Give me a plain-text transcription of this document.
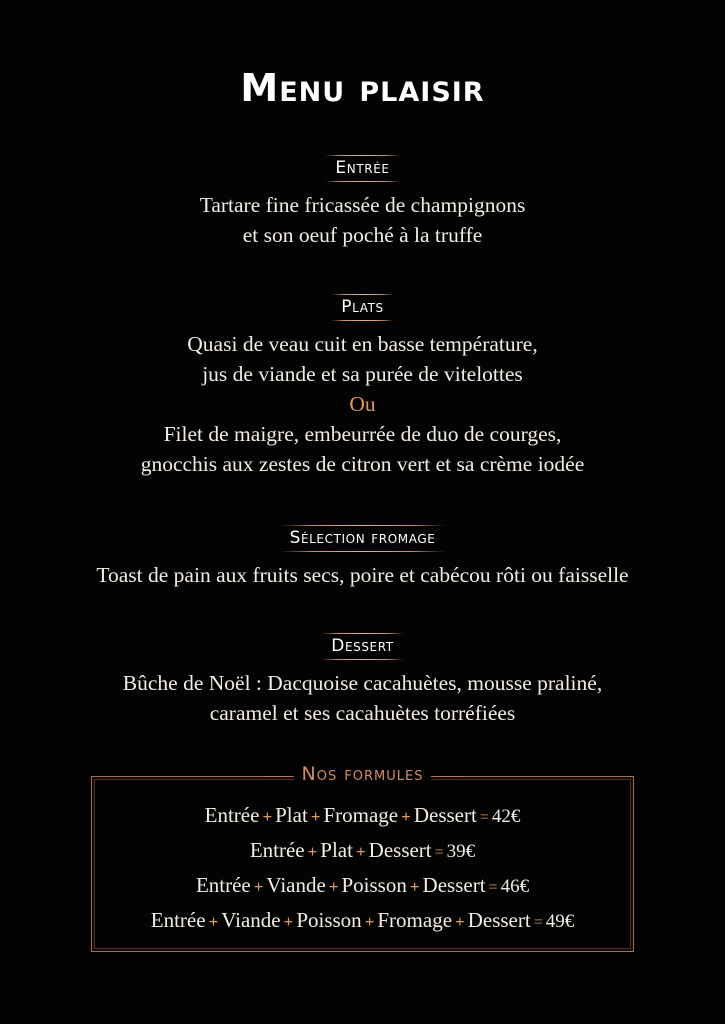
Menu plaisir
Entrée

Tartare fine fricassée de champignons

et son oeuf poché à la truffe

Plats

Quasi de veau cuit en basse température,

jus de viande et sa purée de vitelottes

Ou

Filet de maigre, embeurrée de duo de courges,

gnocchis aux zestes de citron vert et sa crème iodée

Sélection fromage

Toast de pain aux fruits secs, poire et cabécou rôti ou faisselle

Dessert

Bûche de Noël : Dacquoise cacahuètes, mousse praliné,

caramel et ses cacahuètes torréfiées

Nos formules
Entrée + Plat + Fromage + Dessert = 42€
Entrée + Plat + Dessert = 39€
Entrée + Viande + Poisson + Dessert = 46€
Entrée + Viande + Poisson + Fromage + Dessert = 49€
